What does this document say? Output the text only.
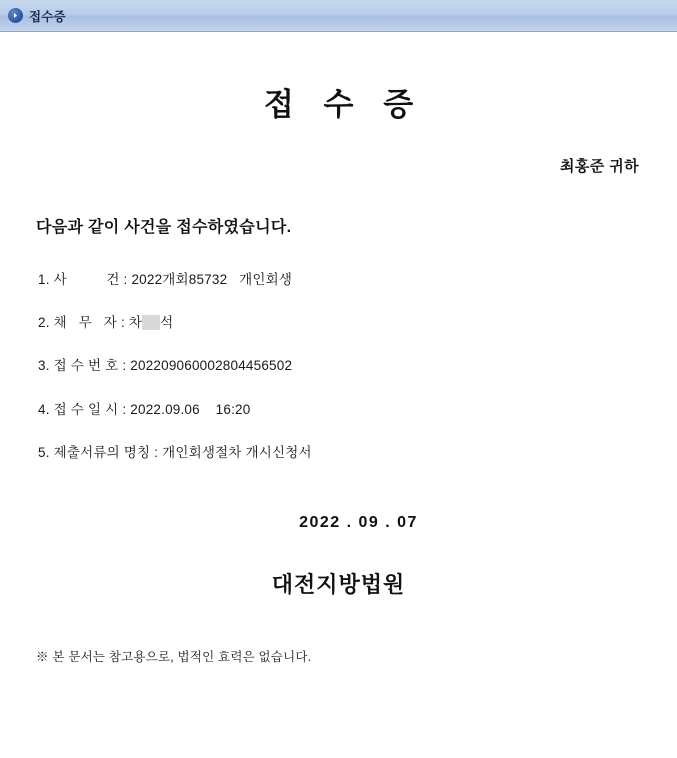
접수증
접 수 증
최홍준 귀하
다음과 같이 사건을 접수하였습니다.
1. 사          건 : 2022개회85732   개인회생
2. 채   무   자 : 차 석
3. 접 수 번 호 : 202209060002804456502
4. 접 수 일 시 : 2022.09.06    16:20
5. 제출서류의 명칭 : 개인회생절차 개시신청서
2022 . 09 . 07
대전지방법원
※ 본 문서는 참고용으로, 법적인 효력은 없습니다.
